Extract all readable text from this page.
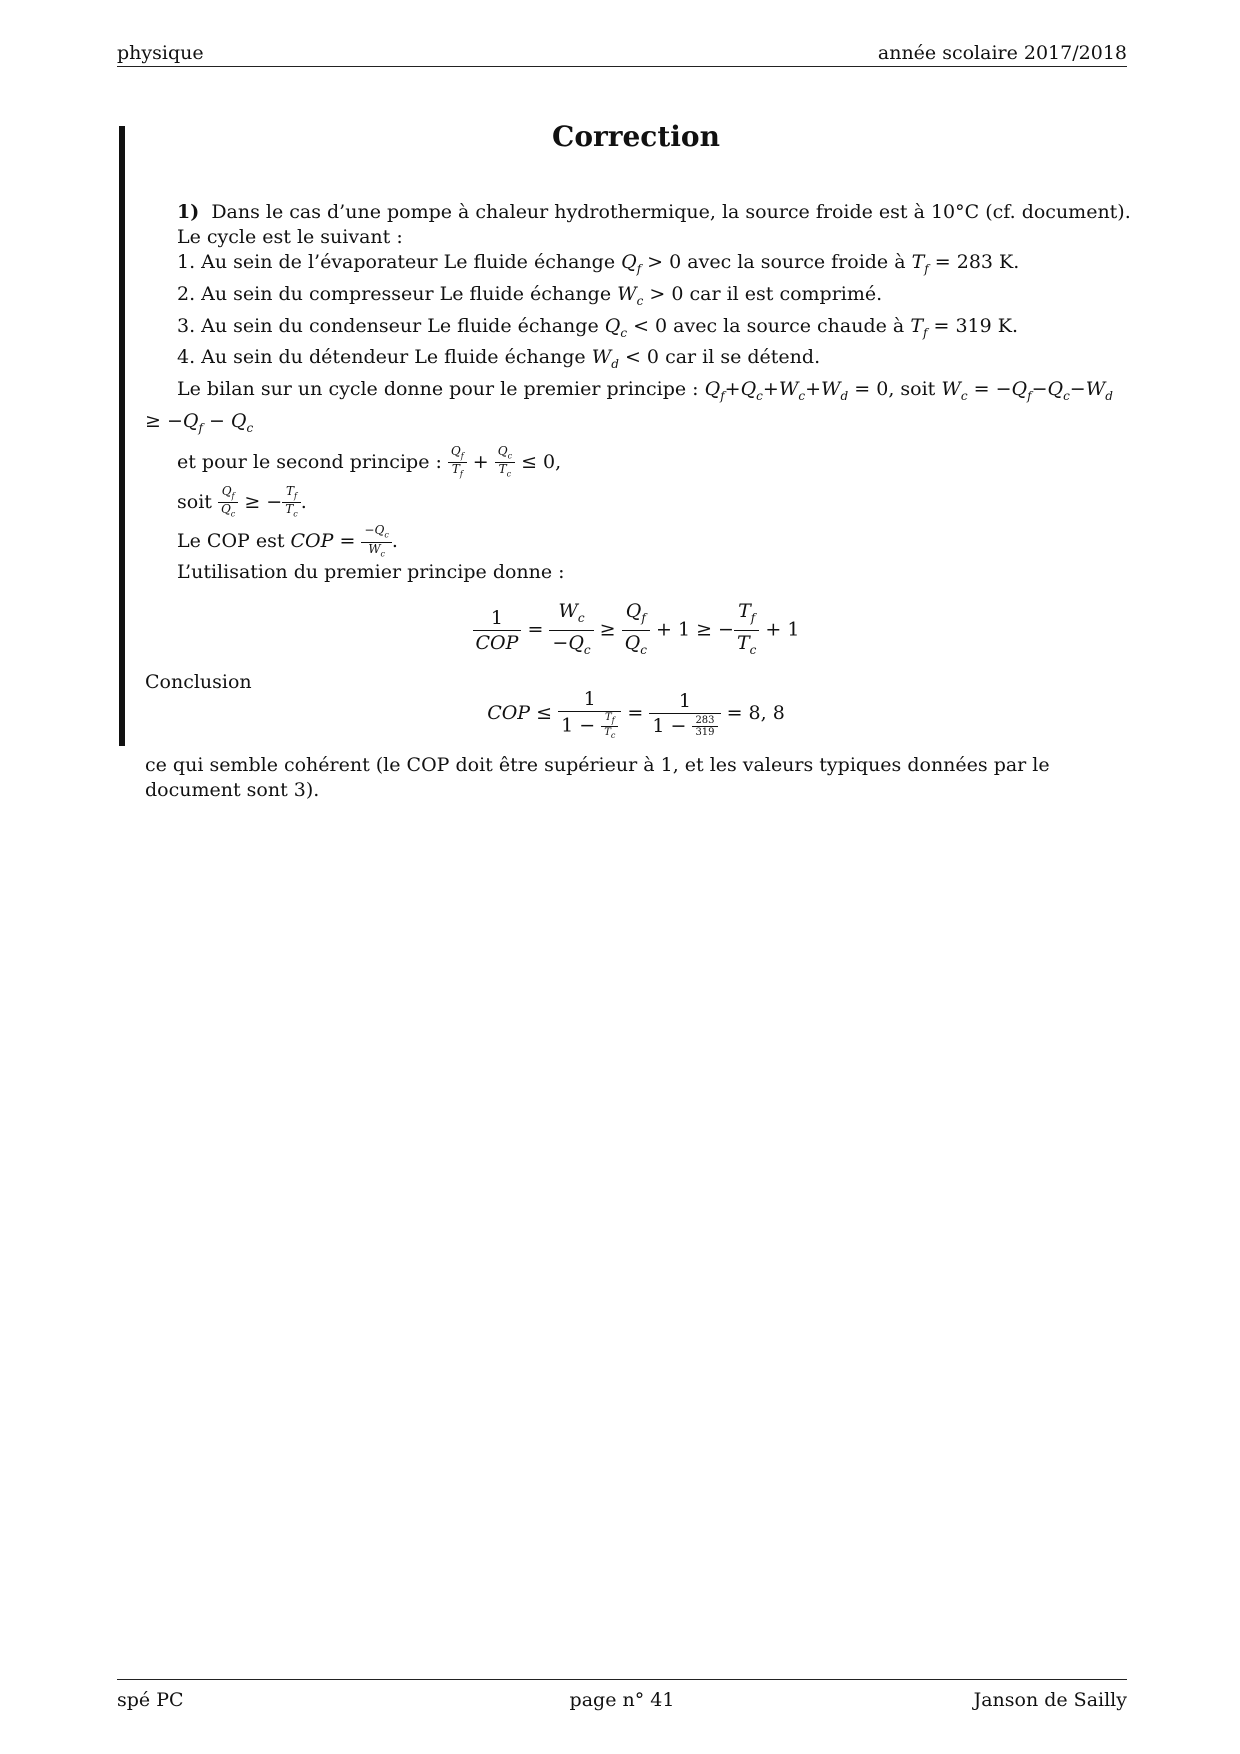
physique	année scolaire 2017/2018
Correction
1) Dans le cas d’une pompe à chaleur hydrothermique, la source froide est à 10°C (cf. document).
Le cycle est le suivant :
1. Au sein de l’évaporateur Le fluide échange $Q_f > 0$ avec la source froide à $T_f = 283$ K.
2. Au sein du compresseur Le fluide échange $W_c > 0$ car il est comprimé.
3. Au sein du condenseur Le fluide échange $Q_c < 0$ avec la source chaude à $T_f = 319$ K.
4. Au sein du détendeur Le fluide échange $W_d < 0$ car il se détend.
Le bilan sur un cycle donne pour le premier principe : $Q_f+Q_c+W_c+W_d = 0$, soit $W_c = -Q_f-Q_c-W_d \ge -Q_f - Q_c$
et pour le second principe : $\frac{Q_f}{T_f} + \frac{Q_c}{T_c} \le 0$,
soit $\frac{Q_f}{Q_c}$ ≥ − $\frac{T_f}{T_c}$ .
Le COP est COP = $\frac{-Q_c}{W_c}$ .
L’utilisation du premier principe donne :
$\frac{1}{\text{COP}} = \frac{W_c}{-Q_c} \ge \frac{Q_f}{Q_c} + 1$ ≥ − $\frac{T_f}{T_c} + 1$
Conclusion
COP ≤ $\frac{1}{1 - \frac{T_f}{T_c}} = \frac{1}{1 - \frac{283}{319}} = 8$, 8
ce qui semble cohérent (le COP doit être supérieur à 1, et les valeurs typiques données par le document sont 3).
spé PC	page n° 41	Janson de Sailly
